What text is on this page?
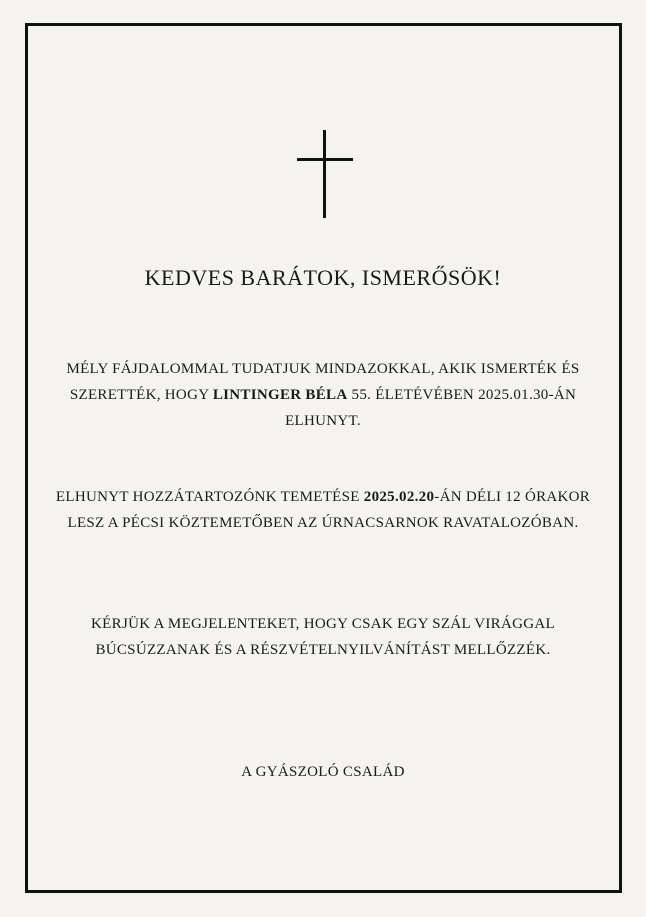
KEDVES BARÁTOK, ISMERŐSÖK!
MÉLY FÁJDALOMMAL TUDATJUK MINDAZOKKAL, AKIK ISMERTÉK ÉS SZERETTÉK, HOGY LINTINGER BÉLA 55. ÉLETÉVÉBEN 2025.01.30-ÁN ELHUNYT.
ELHUNYT HOZZÁTARTOZÓNK TEMETÉSE 2025.02.20-ÁN DÉLI 12 ÓRAKOR LESZ A PÉCSI KÖZTEMETŐBEN AZ ÚRNACSARNOK RAVATALOZÓBAN.
KÉRJÜK A MEGJELENTEKET, HOGY CSAK EGY SZÁL VIRÁGGAL BÚCSÚZZANAK ÉS A RÉSZVÉTELNYILVÁNÍTÁST MELLŐZZÉK.
A GYÁSZOLÓ CSALÁD
